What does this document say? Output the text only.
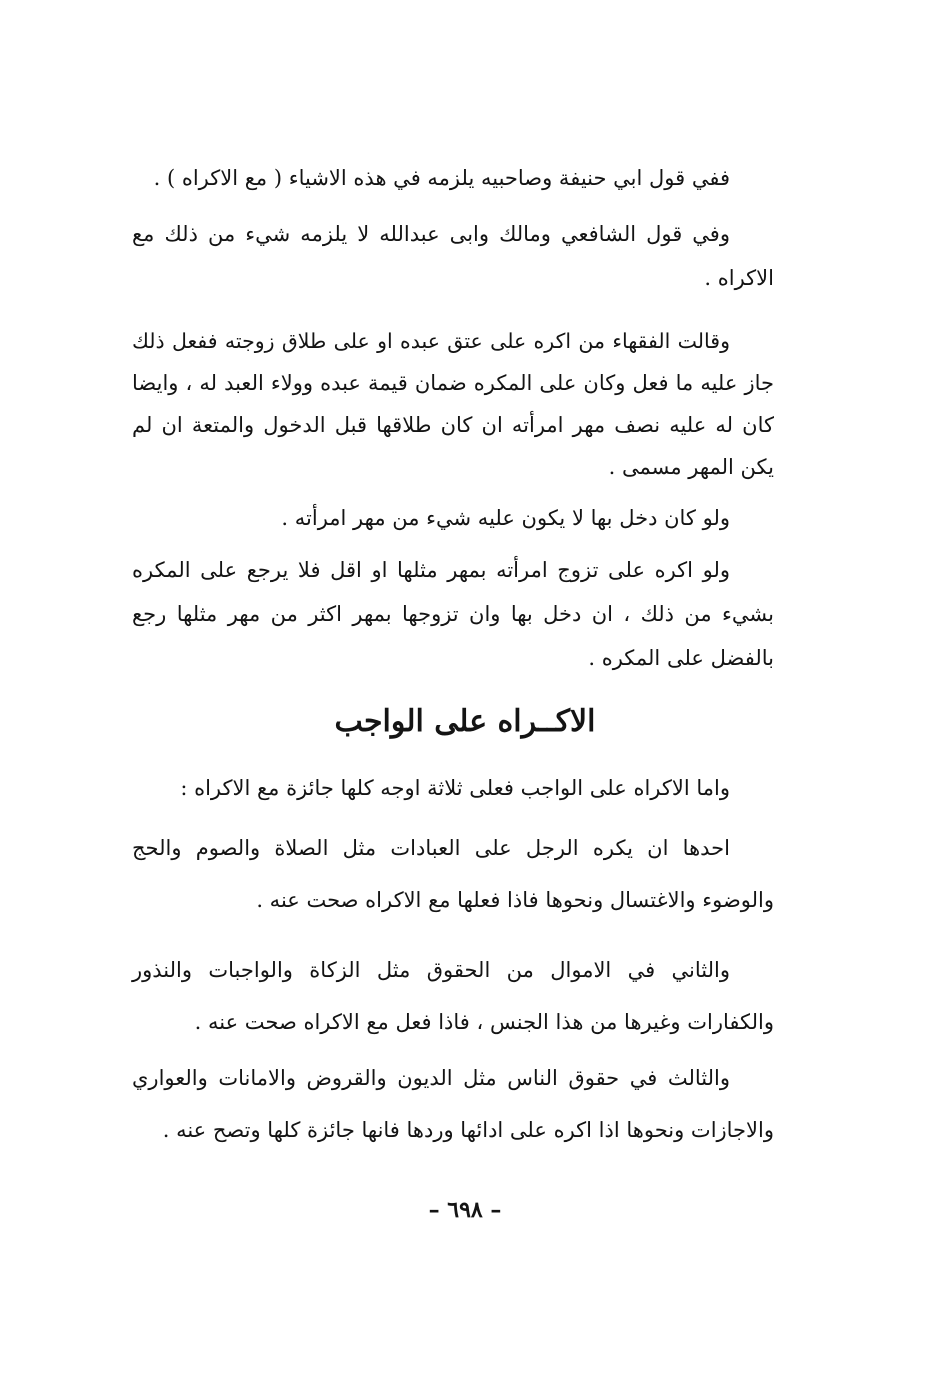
ففي قول ابي حنيفة وصاحبيه يلزمه في هذه الاشياء ( مع الاكراه ) .
وفي قول الشافعي ومالك وابى عبدالله لا يلزمه شيء من ذلك مع
الاكراه .
وقالت الفقهاء من اكره على عتق عبده او على طلاق زوجته ففعل ذلك
جاز عليه ما فعل وكان على المكره ضمان قيمة عبده وولاء العبد له ، وايضا
كان له عليه نصف مهر امرأته ان كان طلاقها قبل الدخول والمتعة ان لم
يكن المهر مسمى .
ولو كان دخل بها لا يكون عليه شيء من مهر امرأته .
ولو اكره على تزوج امرأته بمهر مثلها او اقل فلا يرجع على المكره
بشيء من ذلك ، ان دخل بها وان تزوجها بمهر اكثر من مهر مثلها رجع
بالفضل على المكره .
الاكــراه على الواجب
واما الاكراه على الواجب فعلى ثلاثة اوجه كلها جائزة مع الاكراه :
احدها ان يكره الرجل على العبادات مثل الصلاة والصوم والحج
والوضوء والاغتسال ونحوها فاذا فعلها مع الاكراه صحت عنه .
والثاني في الاموال من الحقوق مثل الزكاة والواجبات والنذور
والكفارات وغيرها من هذا الجنس ، فاذا فعل مع الاكراه صحت عنه .
والثالث في حقوق الناس مثل الديون والقروض والامانات والعواري
والاجازات ونحوها اذا اكره على ادائها وردها فانها جائزة كلها وتصح عنه .
– ٦٩٨ –
